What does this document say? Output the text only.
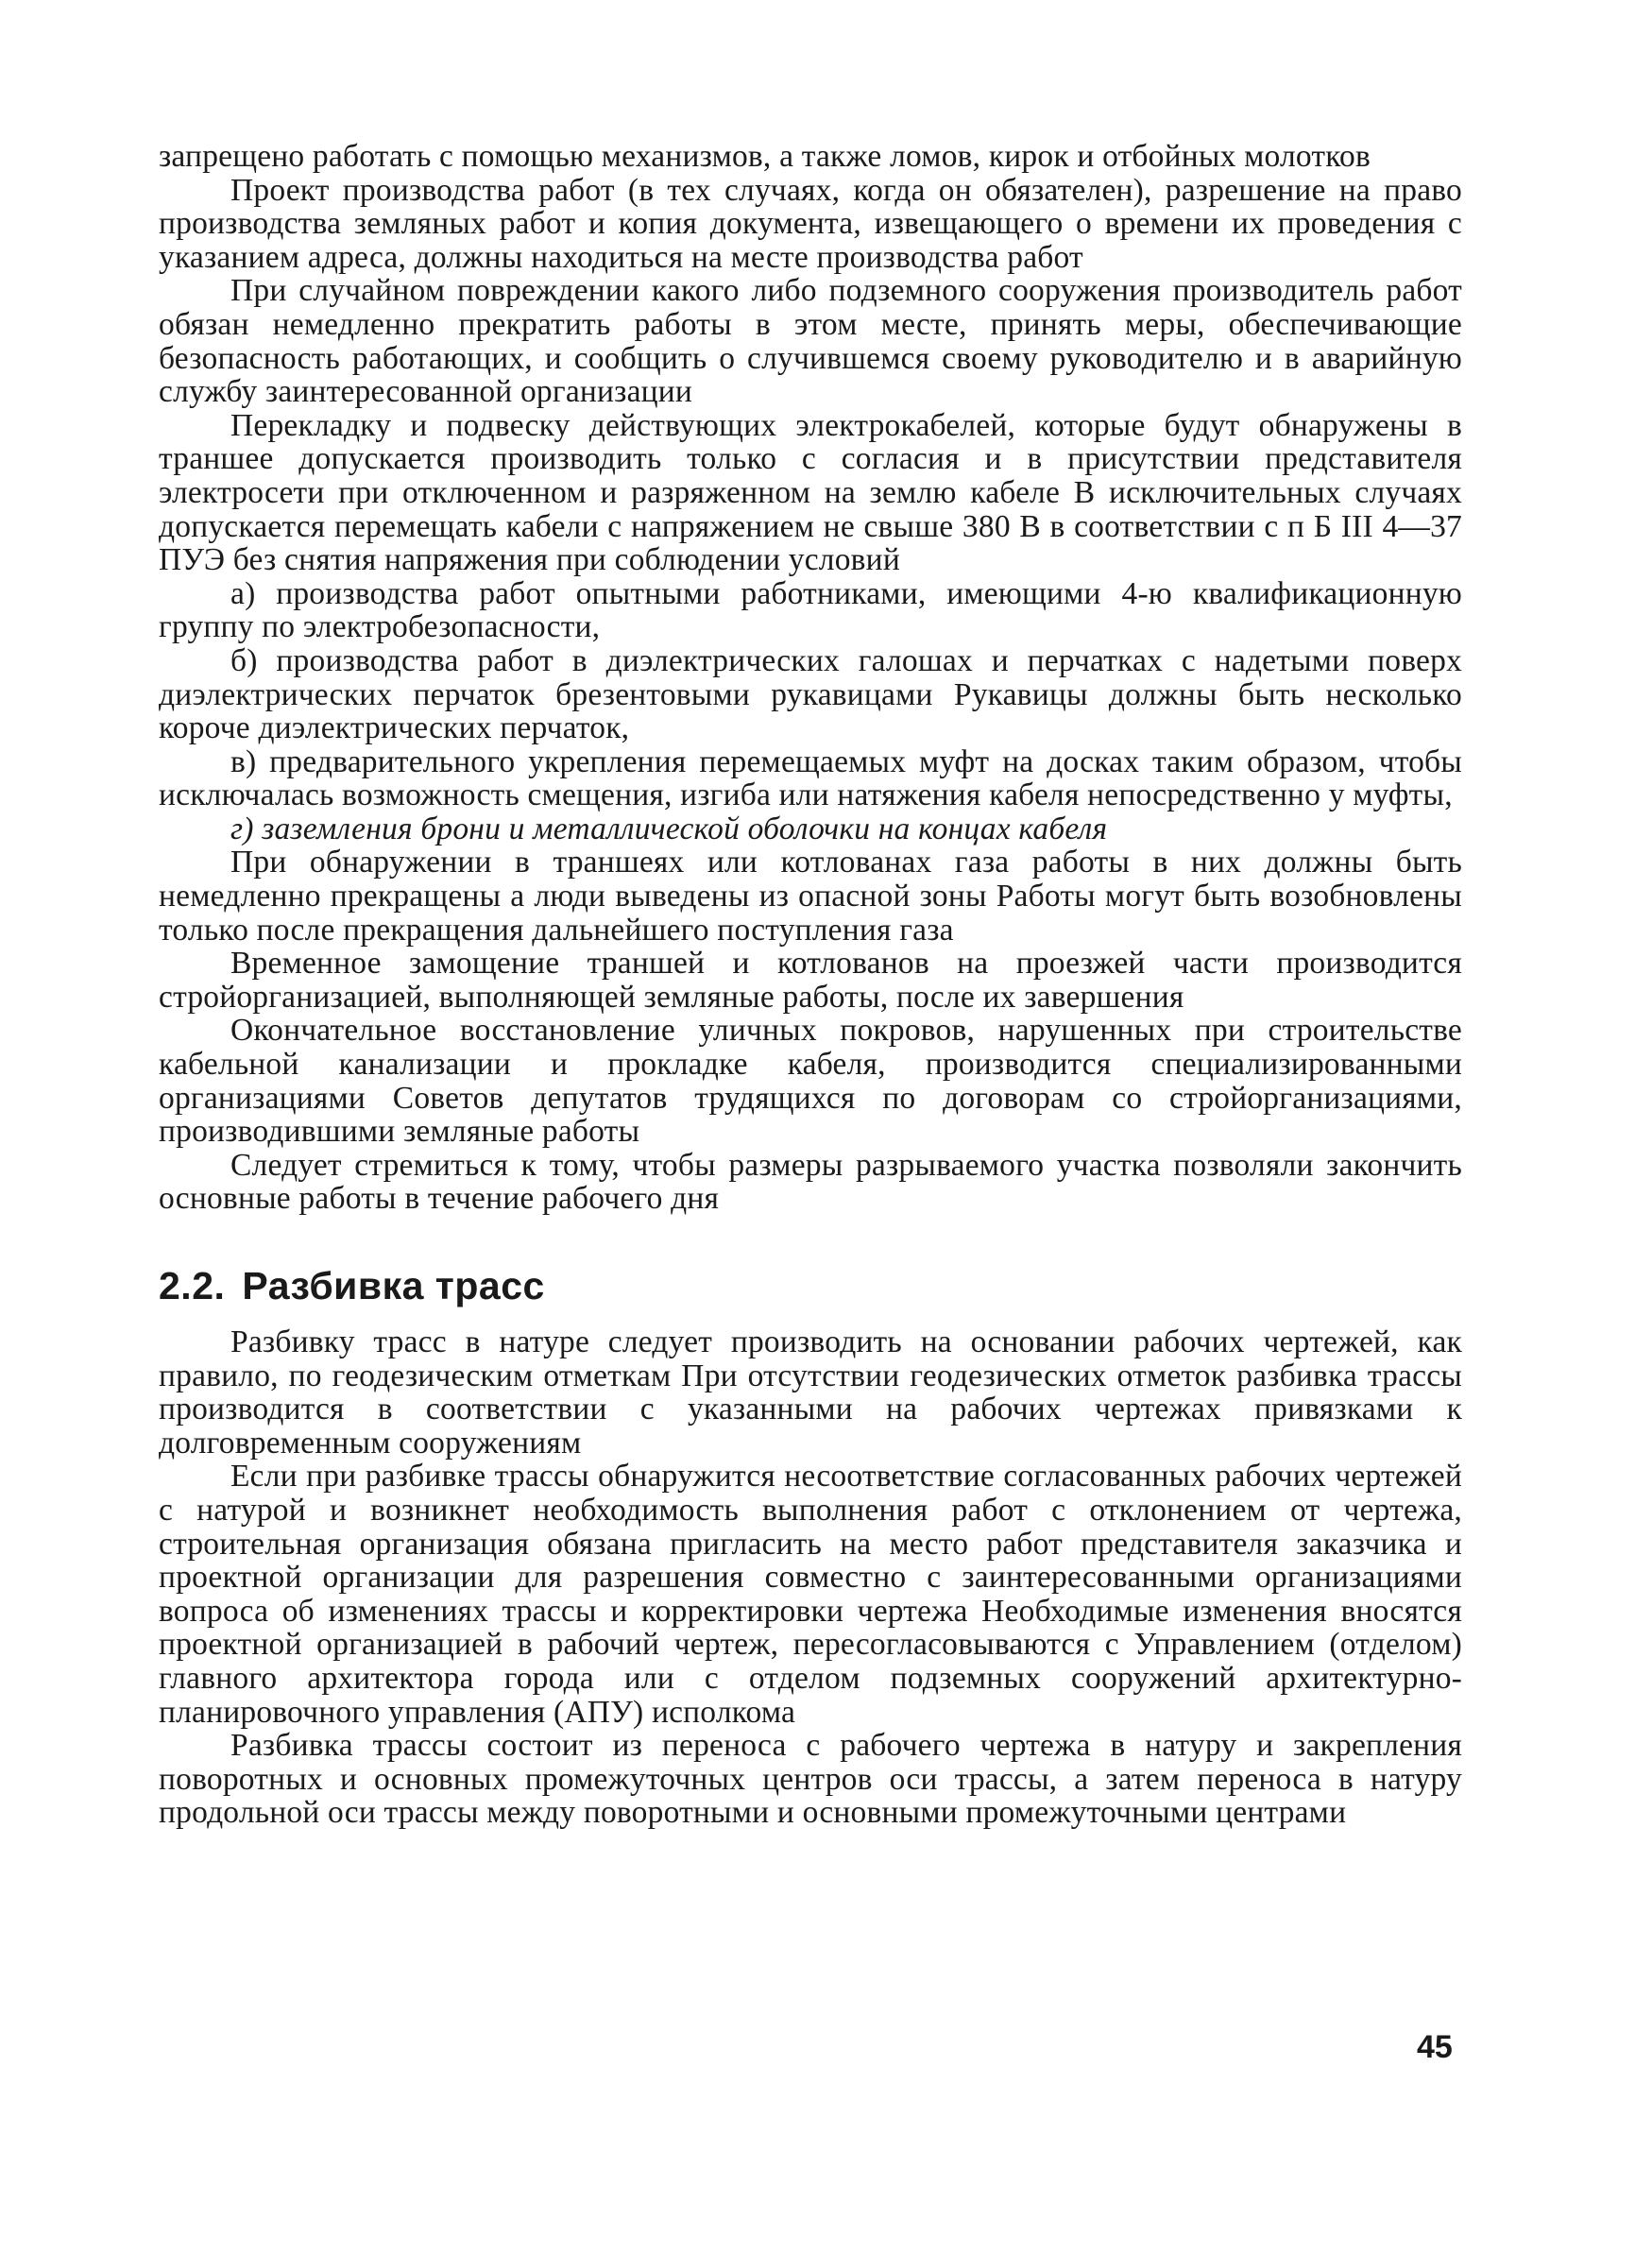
запрещено работать с помощью механизмов, а также ломов, кирок и отбойных молотков

Проект производства работ (в тех случаях, когда он обязателен), разрешение на право производства земляных работ и копия документа, извещающего о времени их проведения с указанием адреса, должны находиться на месте производства работ

При случайном повреждении какого либо подземного сооружения производитель работ обязан немедленно прекратить работы в этом месте, принять меры, обеспечивающие безопасность работающих, и сообщить о случившемся своему руководителю и в аварийную службу заинтересованной организации

Перекладку и подвеску действующих электрокабелей, которые будут обнаружены в траншее допускается производить только с согласия и в присутствии представителя электросети при отключенном и разряженном на землю кабеле В исключительных случаях допускается перемещать кабели с напряжением не свыше 380 В в соответствии с п Б III 4—37 ПУЭ без снятия напряжения при соблюдении условий

а) производства работ опытными работниками, имеющими 4-ю квалификационную группу по электробезопасности,

б) производства работ в диэлектрических галошах и перчатках с надетыми поверх диэлектрических перчаток брезентовыми рукавицами Рукавицы должны быть несколько короче диэлектрических перчаток,

в) предварительного укрепления перемещаемых муфт на досках таким образом, чтобы исключалась возможность смещения, изгиба или натяжения кабеля непосредственно у муфты,

г) заземления брони и металлической оболочки на концах кабеля

При обнаружении в траншеях или котлованах газа работы в них должны быть немедленно прекращены а люди выведены из опасной зоны Работы могут быть возобновлены только после прекращения дальнейшего поступления газа

Временное замощение траншей и котлованов на проезжей части производится стройорганизацией, выполняющей земляные работы, после их завершения

Окончательное восстановление уличных покровов, нарушенных при строительстве кабельной канализации и прокладке кабеля, производится специализированными организациями Советов депутатов трудящихся по договорам со стройорганизациями, производившими земляные работы

Следует стремиться к тому, чтобы размеры разрываемого участка позволяли закончить основные работы в течение рабочего дня

2.2. Разбивка трасс

Разбивку трасс в натуре следует производить на основании рабочих чертежей, как правило, по геодезическим отметкам При отсутствии геодезических отметок разбивка трассы производится в соответствии с указанными на рабочих чертежах привязками к долговременным сооружениям

Если при разбивке трассы обнаружится несоответствие согласованных рабочих чертежей с натурой и возникнет необходимость выполнения работ с отклонением от чертежа, строительная организация обязана пригласить на место работ представителя заказчика и проектной организации для разрешения совместно с заинтересованными организациями вопроса об изменениях трассы и корректировки чертежа Необходимые изменения вносятся проектной организацией в рабочий чертеж, пересогласовываются с Управлением (отделом) главного архитектора города или с отделом подземных сооружений архитектурно-планировочного управления (АПУ) исполкома

Разбивка трассы состоит из переноса с рабочего чертежа в натуру и закрепления поворотных и основных промежуточных центров оси трассы, а затем переноса в натуру продольной оси трассы между поворотными и основными промежуточными центрами

45
